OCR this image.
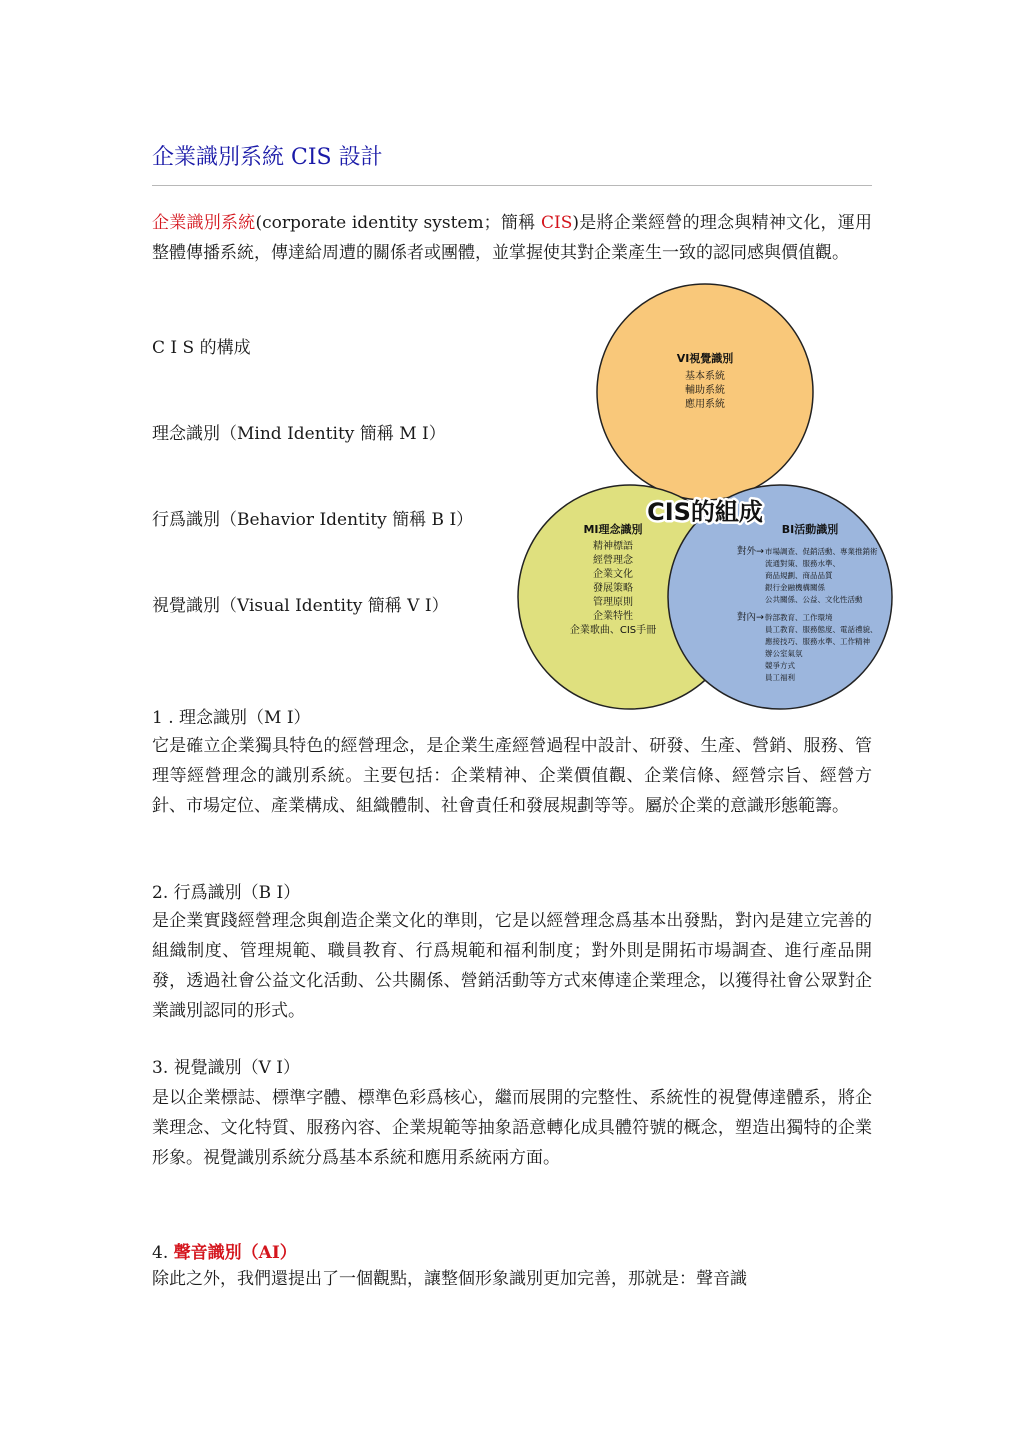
企業識別系統 CIS 設計
企業識別系統(corporate identity system；簡稱 CIS)是將企業經營的理念與精神文化，運用整體傳播系統，傳達給周遭的關係者或團體，並掌握使其對企業產生一致的認同感與價值觀。
C I S 的構成
理念識別（Mind Identity 簡稱 M I）
行爲識別（Behavior Identity 簡稱 B I）
視覺識別（Visual Identity 簡稱 V I）
VI視覺識別
基本系統
輔助系統
應用系統
MI理念識別
精神標語
經營理念
企業文化
發展策略
管理原則
企業特性
企業歌曲、CIS手冊
BI活動識別
對外→ 市場調查、促銷活動、專業推銷術
流通對策、服務水準、
商品規劃、商品品質
銀行金融機構關係
公共關係、公益、文化性活動
對內→ 幹部教育、工作環境
員工教育、服務態度、電話禮貌、
應接技巧、服務水準、工作精神
辦公室氣氛
競爭方式
員工福利
CIS的組成
1 . 理念識別（M I）
它是確立企業獨具特色的經營理念，是企業生產經營過程中設計、研發、生產、營銷、服務、管理等經營理念的識別系統。主要包括：企業精神、企業價值觀、企業信條、經營宗旨、經營方針、市場定位、產業構成、組織體制、社會責任和發展規劃等等。屬於企業的意識形態範籌。
2. 行爲識別（B I）
是企業實踐經營理念與創造企業文化的準則，它是以經營理念爲基本出發點，對內是建立完善的組織制度、管理規範、職員教育、行爲規範和福利制度；對外則是開拓市場調查、進行產品開發，透過社會公益文化活動、公共關係、營銷活動等方式來傳達企業理念，以獲得社會公眾對企業識別認同的形式。
3. 視覺識別（V I）
是以企業標誌、標準字體、標準色彩爲核心，繼而展開的完整性、系統性的視覺傳達體系，將企業理念、文化特質、服務內容、企業規範等抽象語意轉化成具體符號的概念，塑造出獨特的企業形象。視覺識別系統分爲基本系統和應用系統兩方面。
4. 聲音識別（AI）
除此之外，我們還提出了一個觀點，讓整個形象識別更加完善，那就是：聲音識
